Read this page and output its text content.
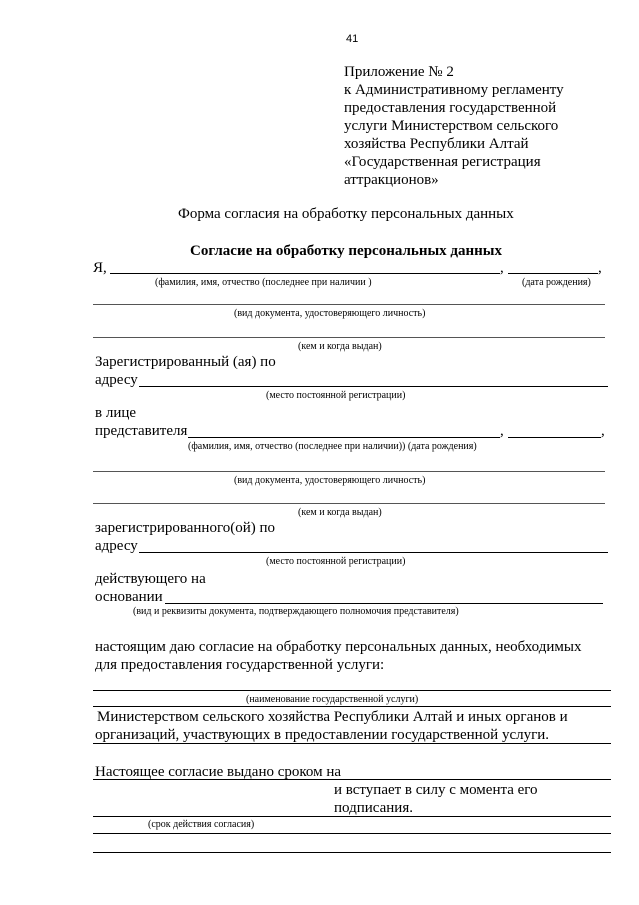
41
Приложение № 2
к Административному регламенту
предоставления государственной
услуги Министерством сельского
хозяйства Республики Алтай
«Государственная регистрация
аттракционов»
Форма согласия на обработку персональных данных
Согласие на обработку персональных данных
Я,	,	,
(фамилия, имя, отчество (последнее при наличии )	(дата рождения)
(вид документа, удостоверяющего личность)
(кем и когда выдан)
Зарегистрированный (ая) по
адресу
(место постоянной регистрации)
в лице
представителя	,	,
(фамилия, имя, отчество (последнее при наличии)) (дата рождения)
(вид документа, удостоверяющего личность)
(кем и когда выдан)
зарегистрированного(ой) по
адресу
(место постоянной регистрации)
действующего на
основании
(вид и реквизиты документа, подтверждающего полномочия представителя)
настоящим даю согласие на обработку персональных данных, необходимых
для предоставления государственной услуги:
(наименование государственной услуги)
Министерством сельского хозяйства Республики Алтай и иных органов и
организаций, участвующих в предоставлении государственной услуги.
Настоящее согласие выдано сроком на
и вступает в силу с момента его
подписания.
(срок действия согласия)
